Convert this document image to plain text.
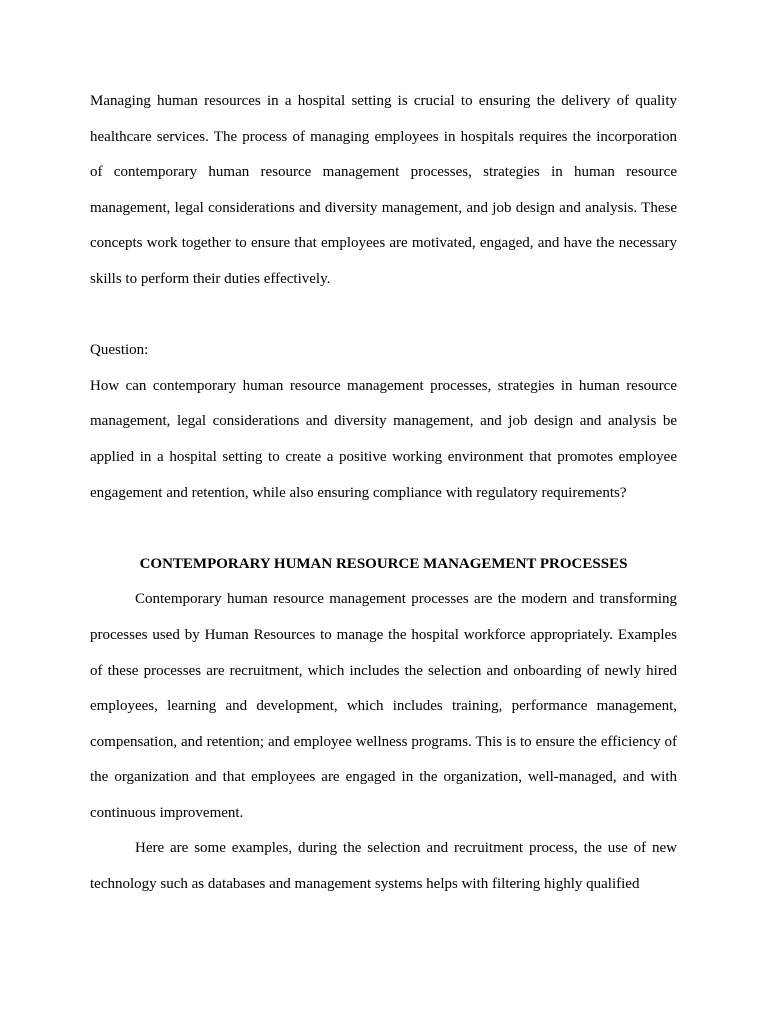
Managing human resources in a hospital setting is crucial to ensuring the delivery of quality healthcare services. The process of managing employees in hospitals requires the incorporation of contemporary human resource management processes, strategies in human resource management, legal considerations and diversity management, and job design and analysis. These concepts work together to ensure that employees are motivated, engaged, and have the necessary skills to perform their duties effectively.

Question:

How can contemporary human resource management processes, strategies in human resource management, legal considerations and diversity management, and job design and analysis be applied in a hospital setting to create a positive working environment that promotes employee engagement and retention, while also ensuring compliance with regulatory requirements?

CONTEMPORARY HUMAN RESOURCE MANAGEMENT PROCESSES

Contemporary human resource management processes are the modern and transforming processes used by Human Resources to manage the hospital workforce appropriately. Examples of these processes are recruitment, which includes the selection and onboarding of newly hired employees, learning and development, which includes training, performance management, compensation, and retention; and employee wellness programs. This is to ensure the efficiency of the organization and that employees are engaged in the organization, well-managed, and with continuous improvement.

Here are some examples, during the selection and recruitment process, the use of new technology such as databases and management systems helps with filtering highly qualified
